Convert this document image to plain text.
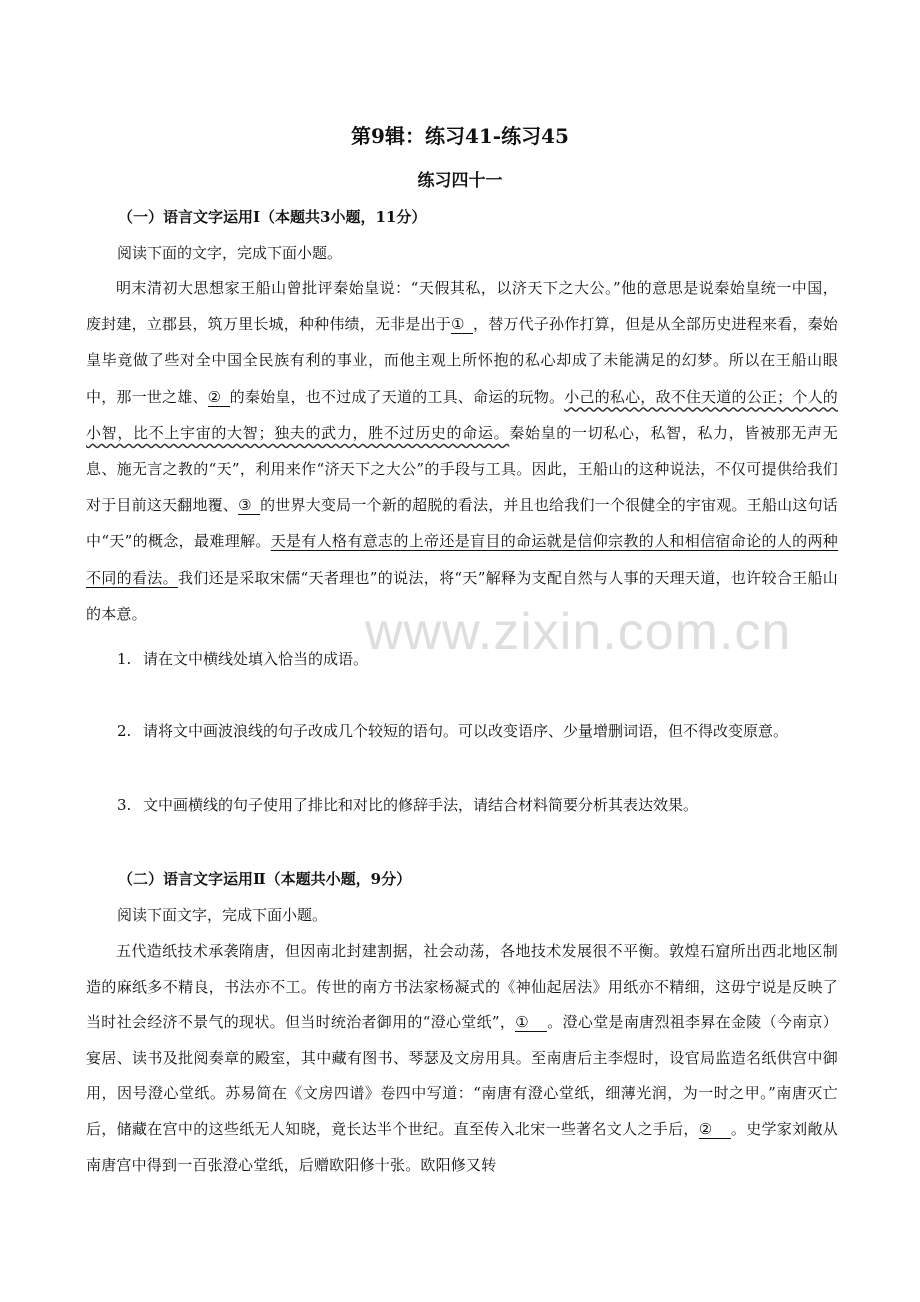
第9辑：练习41-练习45
练习四十一
（一）语言文字运用Ⅰ（本题共3小题，11分）
阅读下面的文字，完成下面小题。
明末清初大思想家王船山曾批评秦始皇说：“天假其私，以济天下之大公。”他的意思是说秦始皇统一中国，废封建，立郡县，筑万里长城，种种伟绩，无非是出于① ，替万代子孙作打算，但是从全部历史进程来看，秦始皇毕竟做了些对全中国全民族有利的事业，而他主观上所怀抱的私心却成了未能满足的幻梦。所以在王船山眼中，那一世之雄、② 的秦始皇，也不过成了天道的工具、命运的玩物。小己的私心，敌不住天道的公正；个人的小智，比不上宇宙的大智；独夫的武力，胜不过历史的命运。秦始皇的一切私心，私智，私力，皆被那无声无息、施无言之教的“天”，利用来作“济天下之大公”的手段与工具。因此，王船山的这种说法，不仅可提供给我们对于目前这天翻地覆、③ 的世界大变局一个新的超脱的看法，并且也给我们一个很健全的宇宙观。王船山这句话中“天”的概念，最难理解。天是有人格有意志的上帝还是盲目的命运就是信仰宗教的人和相信宿命论的人的两种不同的看法。我们还是采取宋儒“天者理也”的说法，将“天”解释为支配自然与人事的天理天道，也许较合王船山的本意。
1. 请在文中横线处填入恰当的成语。
2. 请将文中画波浪线的句子改成几个较短的语句。可以改变语序、少量增删词语，但不得改变原意。
3. 文中画横线的句子使用了排比和对比的修辞手法，请结合材料简要分析其表达效果。
（二）语言文字运用Ⅱ（本题共小题，9分）
阅读下面文字，完成下面小题。
五代造纸技术承袭隋唐，但因南北封建割据，社会动荡，各地技术发展很不平衡。敦煌石窟所出西北地区制造的麻纸多不精良，书法亦不工。传世的南方书法家杨凝式的《神仙起居法》用纸亦不精细，这毋宁说是反映了当时社会经济不景气的现状。但当时统治者御用的“澄心堂纸”，① 。澄心堂是南唐烈祖李昪在金陵（今南京）宴居、读书及批阅奏章的殿室，其中藏有图书、琴瑟及文房用具。至南唐后主李煜时，设官局监造名纸供宫中御用，因号澄心堂纸。苏易简在《文房四谱》卷四中写道：“南唐有澄心堂纸，细薄光润，为一时之甲。”南唐灭亡后，储藏在宫中的这些纸无人知晓，竟长达半个世纪。直至传入北宋一些著名文人之手后，② 。史学家刘敞从南唐宫中得到一百张澄心堂纸，后赠欧阳修十张。欧阳修又转
www.zixin.com.cn
